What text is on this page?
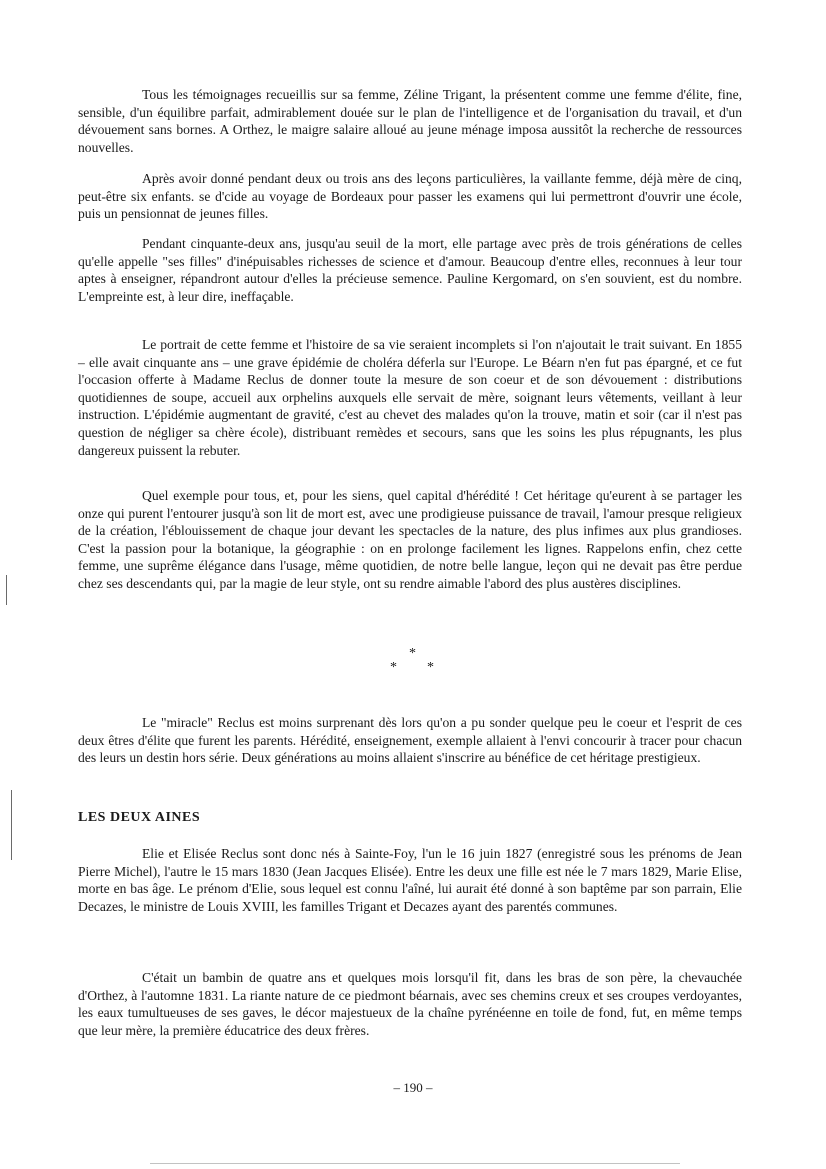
Tous les témoignages recueillis sur sa femme, Zéline Trigant, la présentent comme une femme d'élite, fine, sensible, d'un équilibre parfait, admirablement douée sur le plan de l'intelligence et de l'organisation du travail, et d'un dévouement sans bornes. A Orthez, le maigre salaire alloué au jeune ménage imposa aussitôt la recherche de ressources nouvelles.

Après avoir donné pendant deux ou trois ans des leçons particulières, la vaillante femme, déjà mère de cinq, peut-être six enfants. se d'cide au voyage de Bordeaux pour passer les examens qui lui permettront d'ouvrir une école, puis un pensionnat de jeunes filles.

Pendant cinquante-deux ans, jusqu'au seuil de la mort, elle partage avec près de trois générations de celles qu'elle appelle "ses filles" d'inépuisables richesses de science et d'amour. Beaucoup d'entre elles, reconnues à leur tour aptes à enseigner, répandront autour d'elles la précieuse semence. Pauline Kergomard, on s'en souvient, est du nombre. L'empreinte est, à leur dire, ineffaçable.

Le portrait de cette femme et l'histoire de sa vie seraient incomplets si l'on n'ajoutait le trait suivant. En 1855 – elle avait cinquante ans – une grave épidémie de choléra déferla sur l'Europe. Le Béarn n'en fut pas épargné, et ce fut l'occasion offerte à Madame Reclus de donner toute la mesure de son coeur et de son dévouement : distributions quotidiennes de soupe, accueil aux orphelins auxquels elle servait de mère, soignant leurs vêtements, veillant à leur instruction. L'épidémie augmentant de gravité, c'est au chevet des malades qu'on la trouve, matin et soir (car il n'est pas question de négliger sa chère école), distribuant remèdes et secours, sans que les soins les plus répugnants, les plus dangereux puissent la rebuter.

Quel exemple pour tous, et, pour les siens, quel capital d'hérédité ! Cet héritage qu'eurent à se partager les onze qui purent l'entourer jusqu'à son lit de mort est, avec une prodigieuse puissance de travail, l'amour presque religieux de la création, l'éblouissement de chaque jour devant les spectacles de la nature, des plus infimes aux plus grandioses. C'est la passion pour la botanique, la géographie : on en prolonge facilement les lignes. Rappelons enfin, chez cette femme, une suprême élégance dans l'usage, même quotidien, de notre belle langue, leçon qui ne devait pas être perdue chez ses descendants qui, par la magie de leur style, ont su rendre aimable l'abord des plus austères disciplines.

*
* *

Le "miracle" Reclus est moins surprenant dès lors qu'on a pu sonder quelque peu le coeur et l'esprit de ces deux êtres d'élite que furent les parents. Hérédité, enseignement, exemple allaient à l'envi concourir à tracer pour chacun des leurs un destin hors série. Deux générations au moins allaient s'inscrire au bénéfice de cet héritage prestigieux.

LES DEUX AINES

Elie et Elisée Reclus sont donc nés à Sainte-Foy, l'un le 16 juin 1827 (enregistré sous les prénoms de Jean Pierre Michel), l'autre le 15 mars 1830 (Jean Jacques Elisée). Entre les deux une fille est née le 7 mars 1829, Marie Elise, morte en bas âge. Le prénom d'Elie, sous lequel est connu l'aîné, lui aurait été donné à son baptême par son parrain, Elie Decazes, le ministre de Louis XVIII, les familles Trigant et Decazes ayant des parentés communes.

C'était un bambin de quatre ans et quelques mois lorsqu'il fit, dans les bras de son père, la chevauchée d'Orthez, à l'automne 1831. La riante nature de ce piedmont béarnais, avec ses chemins creux et ses croupes verdoyantes, les eaux tumultueuses de ses gaves, le décor majestueux de la chaîne pyrénéenne en toile de fond, fut, en même temps que leur mère, la première éducatrice des deux frères.

– 190 –
